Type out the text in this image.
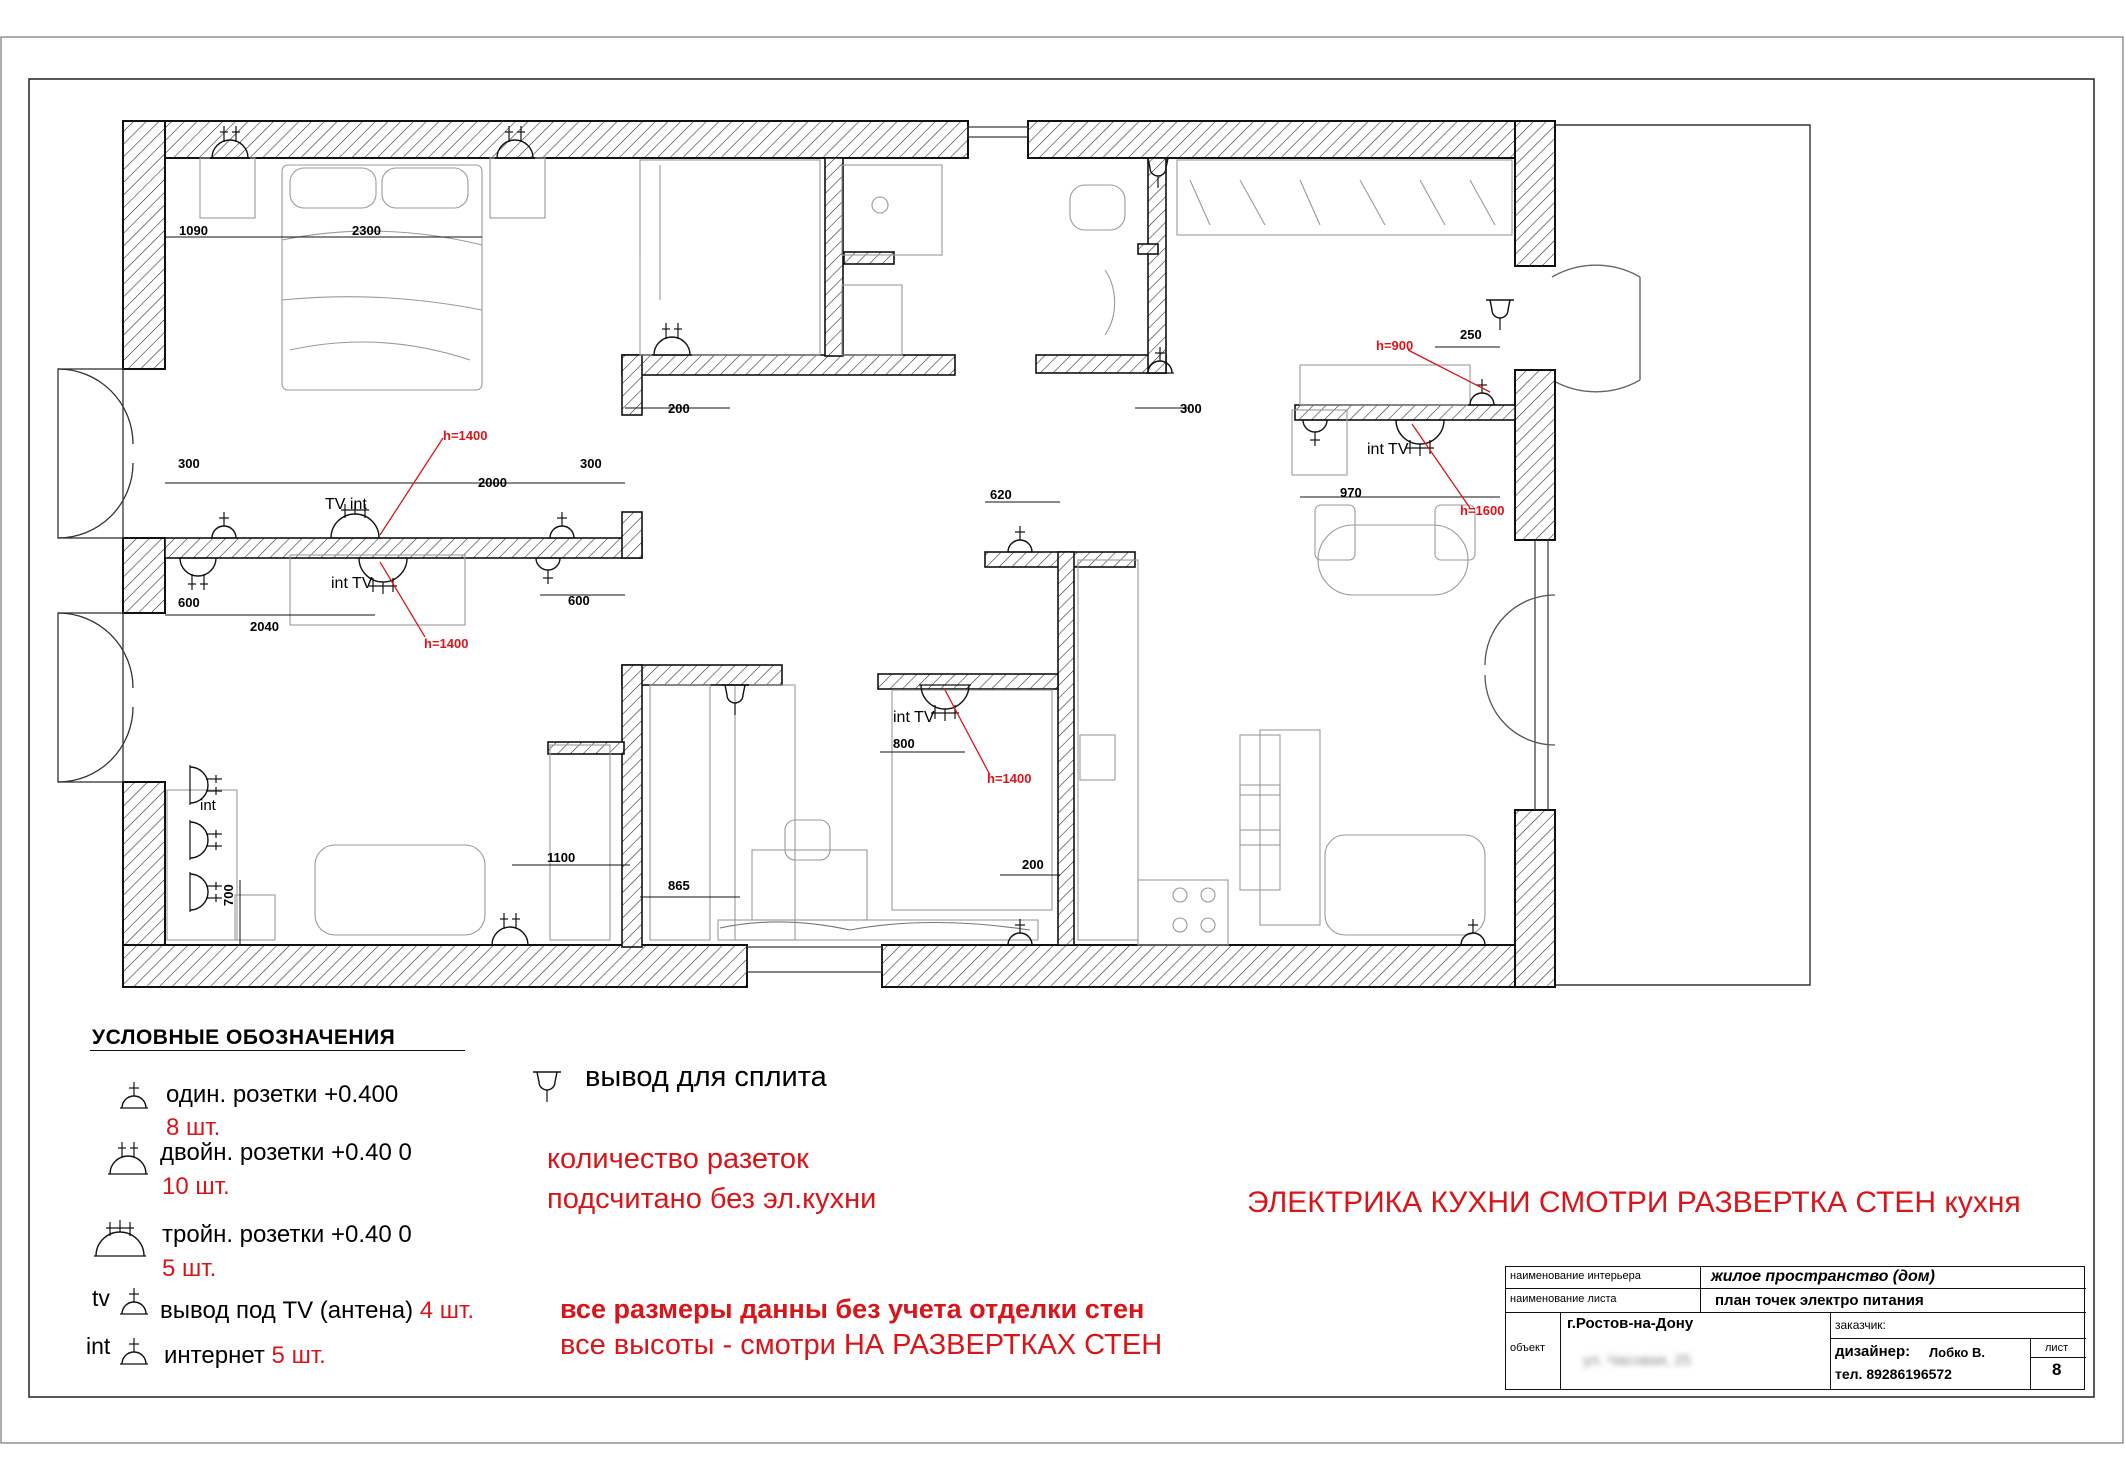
1090	2300
200	300
250
300
2000
300
970
600
2040
600
620
800
1100
865
200
700
h=900
h=1400
h=1400
h=1600
h=1400
TV int
int TV
int TV
int TV
int
УСЛОВНЫЕ ОБОЗНАЧЕНИЯ
один. розетки +0.400
8 шт.
двойн. розетки +0.40 0
10 шт.
тройн. розетки +0.40 0
5 шт.
tv вывод под TV (антена) 4 шт.
int интернет 5 шт.
вывод для сплита
количество разеток
подсчитано без эл.кухни	ЭЛЕКТРИКА КУХНИ СМОТРИ РАЗВЕРТКА СТЕН кухня
все размеры данны без учета отделки стен
все высоты - смотри НА РАЗВЕРТКАХ СТЕН
наименование интерьера	жилое пространство (дом)
наименование листа	план точек электро питания
объект
г.Ростов-на-Дону
ул. Часовая, 25
заказчик:
дизайнер: Лобко В.
тел. 89286196572
лист
8
